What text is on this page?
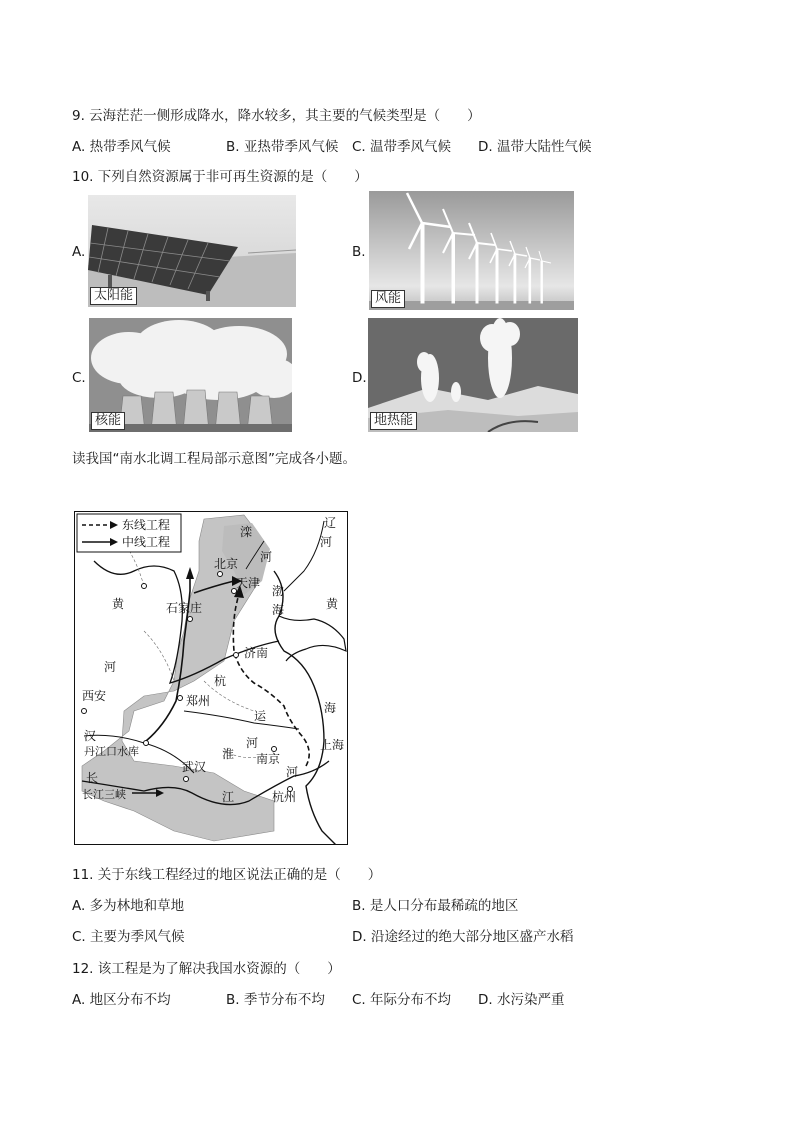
9. 云海茫茫一侧形成降水，降水较多，其主要的气候类型是（　　）
A. 热带季风气候	B. 亚热带季风气候 C. 温带季风气候 D. 温带大陆性气候
10. 下列自然资源属于非可再生资源的是（　　）
A.
太阳能
B.
风能
C.
核能
D.
地热能
读我国“南水北调工程局部示意图”完成各小题。
东线工程
中线工程
北京
天津
石家庄
济南
郑州
西安
丹江口水库
武汉
南京
杭州
长江三峡
上海
滦
河
辽
河
渤
海	黄
海
黄
河
汉
长
江
淮
河
运
河
杭
11. 关于东线工程经过的地区说法正确的是（　　）
A. 多为林地和草地	B. 是人口分布最稀疏的地区
C. 主要为季风气候	D. 沿途经过的绝大部分地区盛产水稻
12. 该工程是为了解决我国水资源的（　　）
A. 地区分布不均	B. 季节分布不均 C. 年际分布不均 D. 水污染严重
